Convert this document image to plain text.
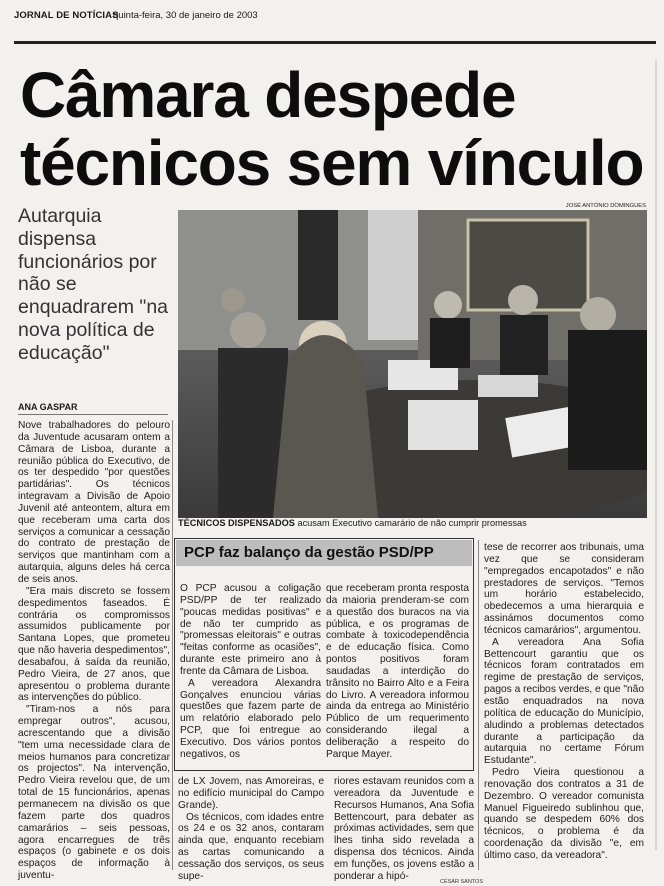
JORNAL DE NOTÍCIAS
quinta-feira, 30 de janeiro de 2003
Câmara despede
técnicos sem vínculo
Autarquia dispensa funcionários por não se enquadrarem "na nova política de educação"
JOSÉ ANTÓNIO DOMINGUES
TÉCNICOS DISPENSADOS acusam Executivo camarário de não cumprir promessas
ANA GASPAR

Nove trabalhadores do pelouro da Juventude acusaram ontem a Câmara de Lisboa, durante a reunião pública do Executivo, de os ter despedido "por questões partidárias". Os técnicos integravam a Divisão de Apoio Juvenil até anteontem, altura em que receberam uma carta dos serviços a comunicar a cessação do contrato de prestação de serviços que mantinham com a autarquia, alguns deles há cerca de seis anos.

"Era mais discreto se fossem despedimentos faseados. É contrária os compromissos assumidos publicamente por Santana Lopes, que prometeu que não haveria despedimentos", desabafou, à saída da reunião, Pedro Vieira, de 27 anos, que apresentou o problema durante as intervenções do público.

"Tiram-nos a nós para empregar outros", acusou, acrescentando que a divisão "tem uma necessidade clara de meios humanos para concretizar os projectos". Na intervenção, Pedro Vieira revelou que, de um total de 15 funcionários, apenas permanecem na divisão os que fazem parte dos quadros camarários – seis pessoas, agora encarregues de três espaços (o gabinete e os dois espaços de informação à juventu-

PCP faz balanço da gestão PSD/PP

O PCP acusou a coligação PSD/PP de ter realizado "poucas medidas positivas" e de não ter cumprido as "promessas eleitorais" e outras "feitas conforme as ocasiões", durante este primeiro ano à frente da Câmara de Lisboa.

A vereadora Alexandra Gonçalves enunciou várias questões que fazem parte de um relatório elaborado pelo PCP, que foi entregue ao Executivo. Dos vários pontos negativos, os

que receberam pronta resposta da maioria prenderam-se com a questão dos buracos na via pública, e os programas de combate à toxicodependência e de educação física. Como pontos positivos foram saudadas a interdição do trânsito no Bairro Alto e a Feira do Livro. A vereadora informou ainda da entrega ao Ministério Público de um requerimento considerando ilegal a deliberação a respeito do Parque Mayer.

de LX Jovem, nas Amoreiras, e no edifício municipal do Campo Grande).

Os técnicos, com idades entre os 24 e os 32 anos, contaram ainda que, enquanto recebiam as cartas comunicando a cessação dos serviços, os seus supe-

riores estavam reunidos com a vereadora da Juventude e Recursos Humanos, Ana Sofia Bettencourt, para debater as próximas actividades, sem que lhes tinha sido revelada a dispensa dos técnicos. Ainda em funções, os jovens estão a ponderar a hipó-

tese de recorrer aos tribunais, uma vez que se consideram "empregados encapotados" e não prestadores de serviços. "Temos um horário estabelecido, obedecemos a uma hierarquia e assinámos documentos como técnicos camarários", argumentou.

A vereadora Ana Sofia Bettencourt garantiu que os técnicos foram contratados em regime de prestação de serviços, pagos a recibos verdes, e que "não estão enquadrados na nova política de educação do Município, aludindo a problemas detectados durante a participação da autarquia no certame Fórum Estudante".

Pedro Vieira questionou a renovação dos contratos a 31 de Dezembro. O vereador comunista Manuel Figueiredo sublinhou que, quando se despedem 60% dos técnicos, o problema é da coordenação da divisão "e, em último caso, da vereadora".

CÉSAR SANTOS
